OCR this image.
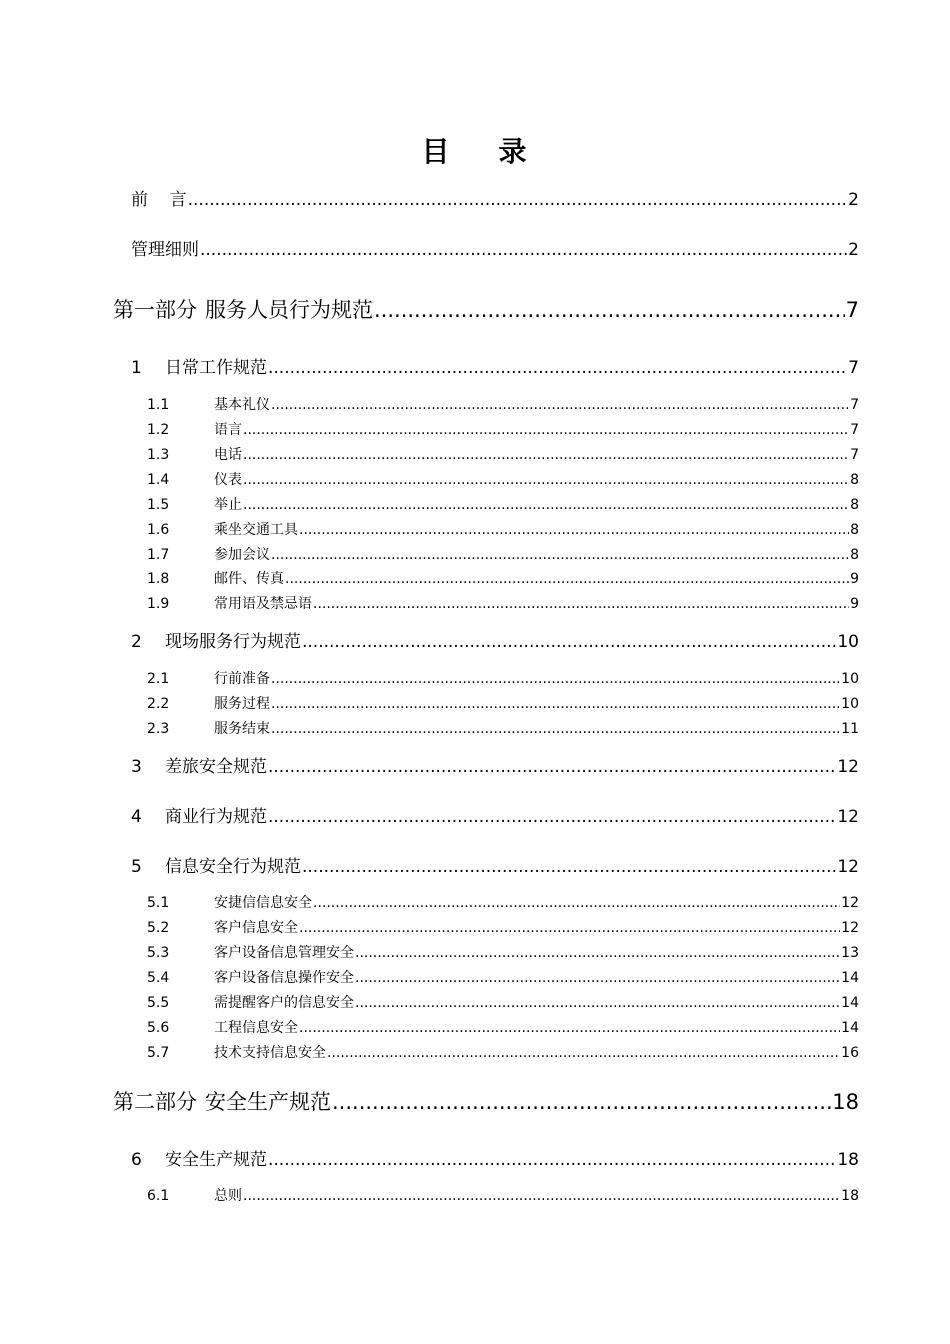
目    录
前    言 .....	2
管理细则 .....	2
第一部分 服务人员行为规范 .....	7
1	日常工作规范 .....	7
1.1	基本礼仪 .....	7
1.2	语言 .....	7
1.3	电话 .....	7
1.4	仪表 .....	8
1.5	举止 .....	8
1.6	乘坐交通工具 .....	8
1.7	参加会议 .....	8
1.8	邮件、传真 .....	9
1.9	常用语及禁忌语 .....	9
2	现场服务行为规范 .....	10
2.1	行前准备 .....	10
2.2	服务过程 .....	10
2.3	服务结束 .....	11
3	差旅安全规范 .....	12
4	商业行为规范 .....	12
5	信息安全行为规范 .....	12
5.1	安捷信信息安全 .....	12
5.2	客户信息安全 .....	12
5.3	客户设备信息管理安全 .....	13
5.4	客户设备信息操作安全 .....	14
5.5	需提醒客户的信息安全 .....	14
5.6	工程信息安全 .....	14
5.7	技术支持信息安全 .....	16
第二部分 安全生产规范 .....	18
6	安全生产规范 .....	18
6.1	总则 .....	18
